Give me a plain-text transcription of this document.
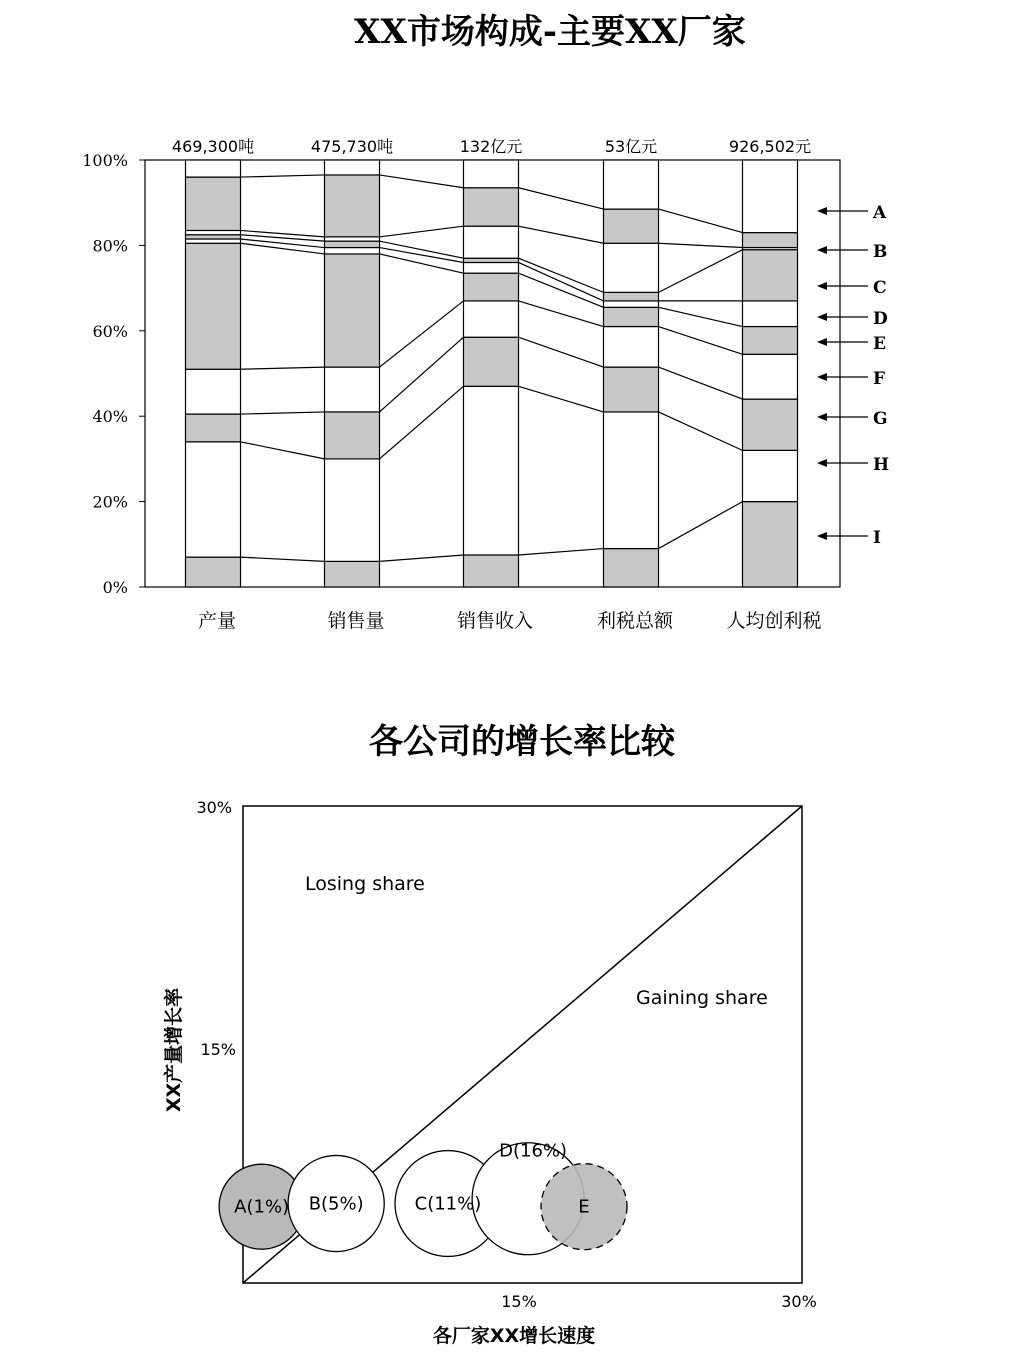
XX市场构成-主要XX厂家
0%
20%
40%
60%
80%
100%
469,300吨	475,730吨	132亿元	53亿元	926,502元
产量	销售量	销售收入	利税总额	人均创利税
A
B
C
D
E
F
G
H
I
各公司的增长率比较
Losing share
Gaining share
30%
15%
15%	30%
各厂家XX增长速度
XX产量增长率
A(1%) B(5%)	C(11%)
D(16%)
E
